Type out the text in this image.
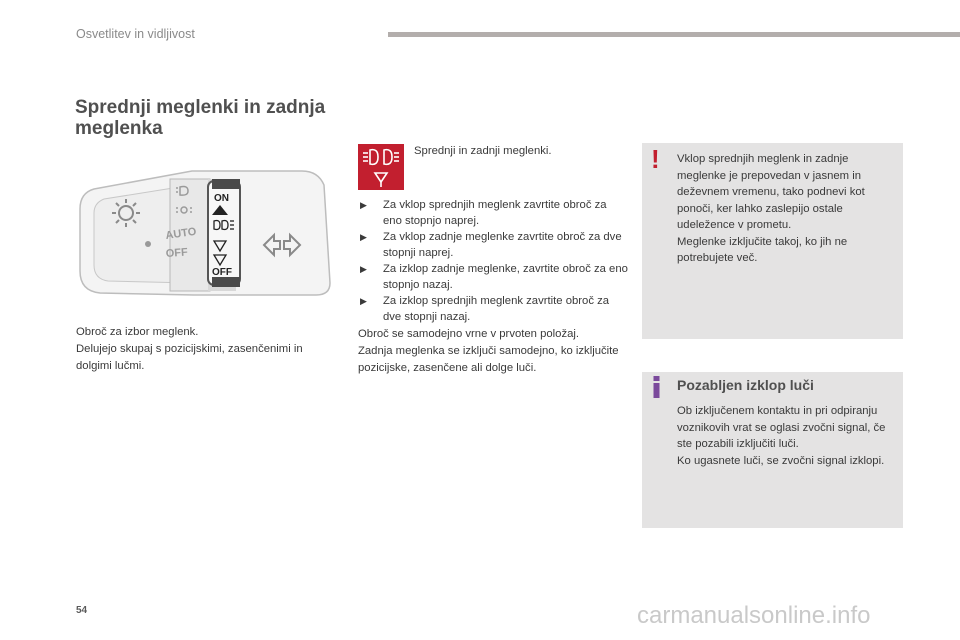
Osvetlitev in vidljivost
Sprednji meglenki in zadnja meglenka
AUTO
OFF
ON
OFF
Obroč za izbor meglenk.
Delujejo skupaj s pozicijskimi, zasenčenimi in dolgimi lučmi.
Sprednji in zadnji meglenki.
▶ Za vklop sprednjih meglenk zavrtite obroč za eno stopnjo naprej.
▶ Za vklop zadnje meglenke zavrtite obroč za dve stopnji naprej.
▶ Za izklop zadnje meglenke, zavrtite obroč za eno stopnjo nazaj.
▶ Za izklop sprednjih meglenk zavrtite obroč za dve stopnji nazaj.
Obroč se samodejno vrne v prvoten položaj.
Zadnja meglenka se izključi samodejno, ko izključite pozicijske, zasenčene ali dolge luči.
!	Vklop sprednjih meglenk in zadnje meglenke je prepovedan v jasnem in deževnem vremenu, tako podnevi kot ponoči, ker lahko zaslepijo ostale udeležence v prometu.
Meglenke izključite takoj, ko jih ne potrebujete več.
Pozabljen izklop luči
Ob izključenem kontaktu in pri odpiranju voznikovih vrat se oglasi zvočni signal, če ste pozabili izključiti luči.
Ko ugasnete luči, se zvočni signal izklopi.
54	carmanualsonline.info
